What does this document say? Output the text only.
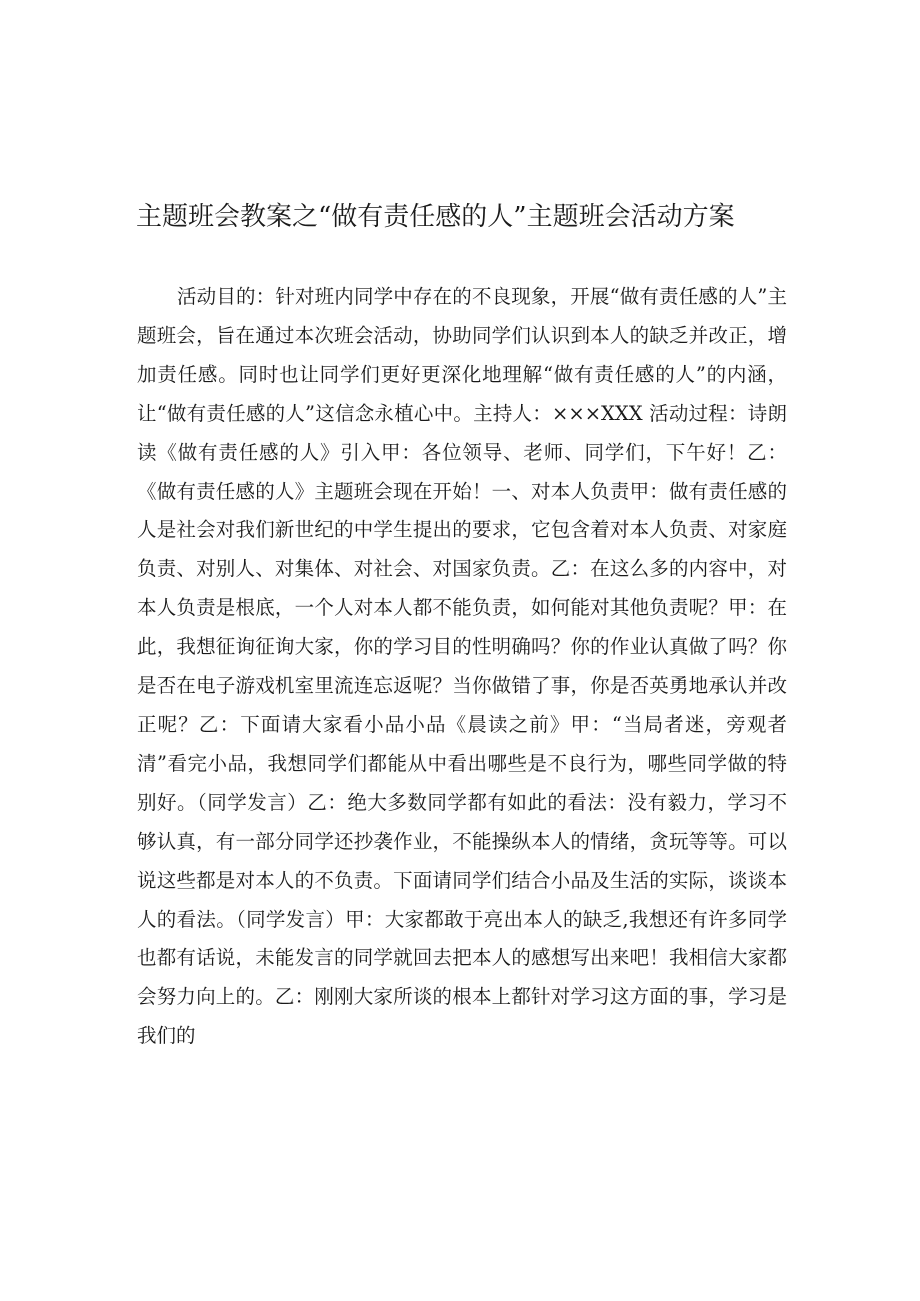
主题班会教案之“做有责任感的人”主题班会活动方案

活动目的：针对班内同学中存在的不良现象，开展“做有责任感的人”主题班会，旨在通过本次班会活动，协助同学们认识到本人的缺乏并改正，增加责任感。同时也让同学们更好更深化地理解“做有责任感的人”的内涵，让“做有责任感的人”这信念永植心中。主持人：×××XXX 活动过程：诗朗读《做有责任感的人》引入甲：各位领导、老师、同学们，下午好！乙：《做有责任感的人》主题班会现在开始！一、对本人负责甲：做有责任感的人是社会对我们新世纪的中学生提出的要求，它包含着对本人负责、对家庭负责、对别人、对集体、对社会、对国家负责。乙：在这么多的内容中，对本人负责是根底，一个人对本人都不能负责，如何能对其他负责呢？甲：在此，我想征询征询大家，你的学习目的性明确吗？你的作业认真做了吗？你是否在电子游戏机室里流连忘返呢？当你做错了事，你是否英勇地承认并改正呢？乙：下面请大家看小品小品《晨读之前》甲：“当局者迷，旁观者清”看完小品，我想同学们都能从中看出哪些是不良行为，哪些同学做的特别好。（同学发言）乙：绝大多数同学都有如此的看法：没有毅力，学习不够认真，有一部分同学还抄袭作业，不能操纵本人的情绪，贪玩等等。可以说这些都是对本人的不负责。下面请同学们结合小品及生活的实际，谈谈本人的看法。（同学发言）甲：大家都敢于亮出本人的缺乏,我想还有许多同学也都有话说，未能发言的同学就回去把本人的感想写出来吧！我相信大家都会努力向上的。乙：刚刚大家所谈的根本上都针对学习这方面的事，学习是我们的
